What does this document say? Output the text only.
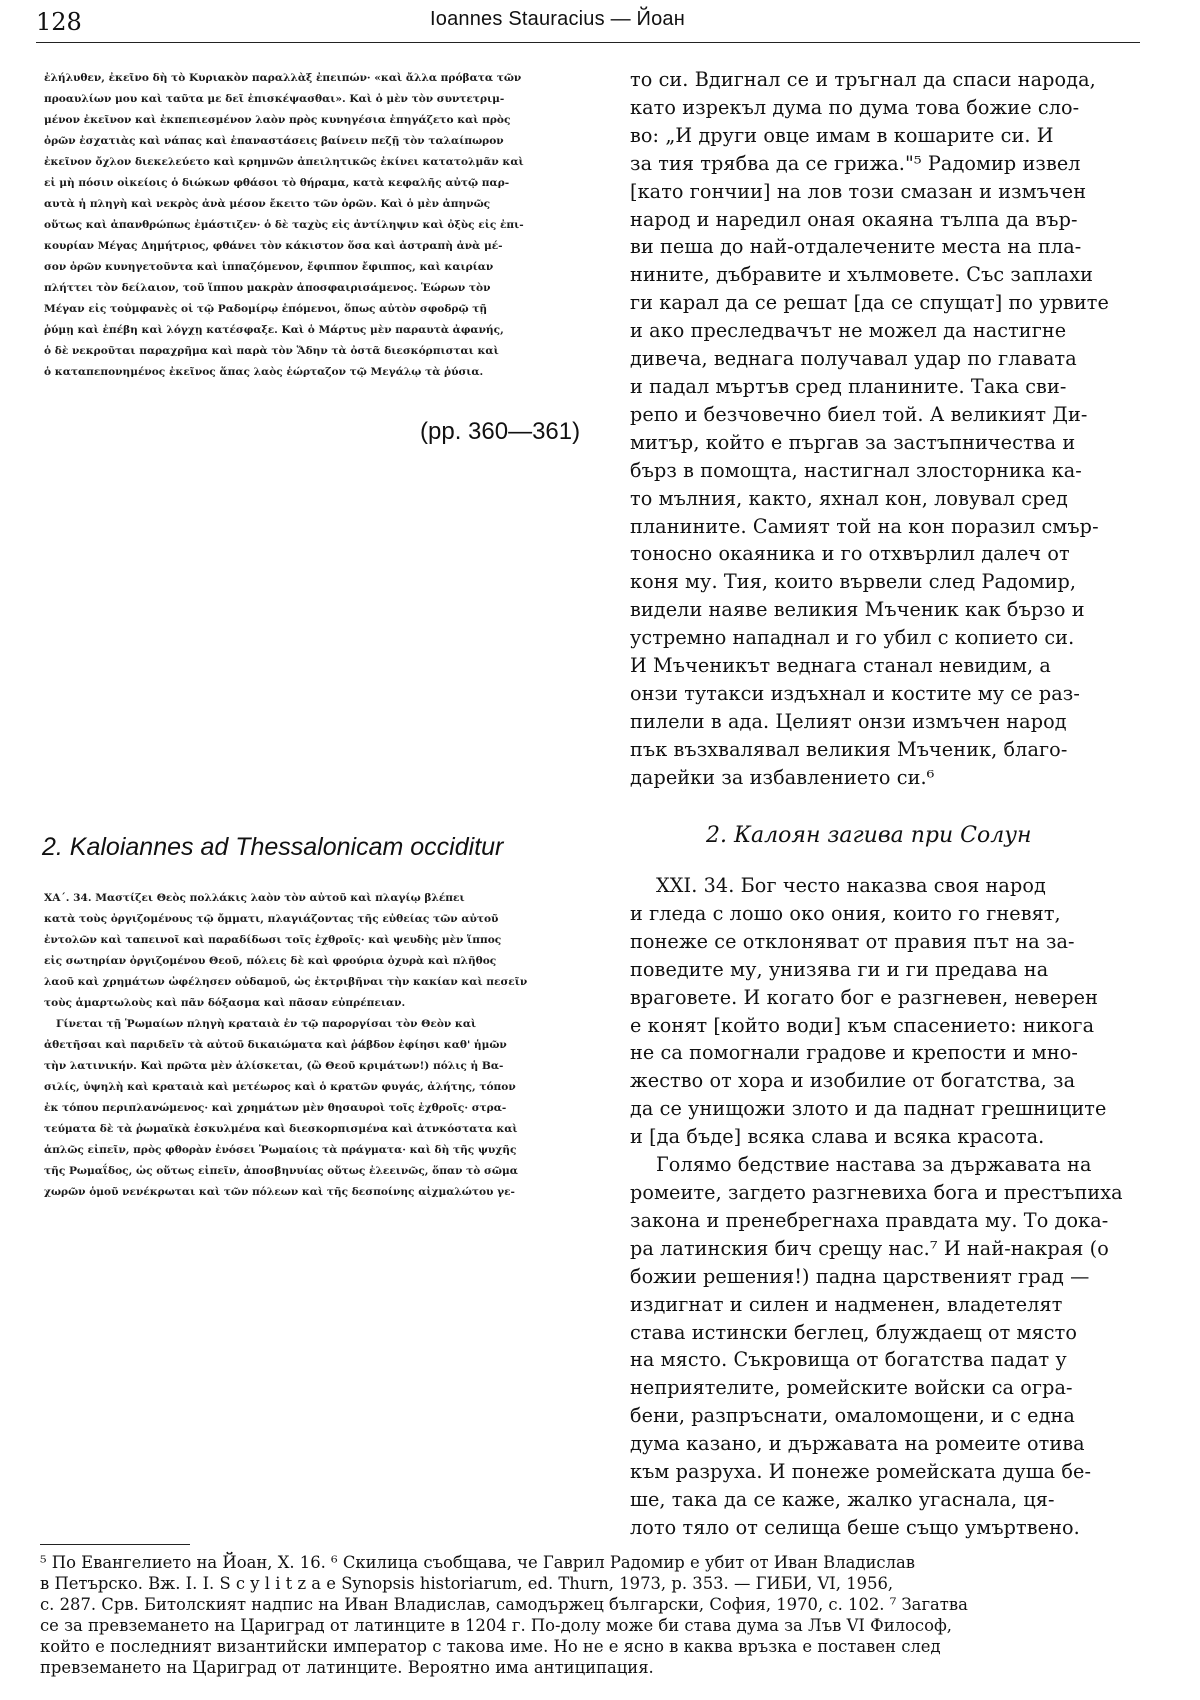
128	Ioannes Stauracius — Йоан
ἐλήλυθεν, ἐκεῖνο δὴ τὸ Κυριακὸν παραλλὰξ ἐπειπών· «καὶ ἄλλα πρόβατα τῶν
προαυλίων μου καὶ ταῦτα με δεῖ ἐπισκέψασθαι». Καὶ ὁ μὲν τὸν συντετριμ-
μένον ἐκεῖνον καὶ ἐκπεπιεσμένον λαὸν πρὸς κυνηγέσια ἐπηγάζετο καὶ πρὸς
ὀρῶν ἐσχατιὰς καὶ νάπας καὶ ἐπαναστάσεις βαίνειν πεζῇ τὸν ταλαίπωρον
ἐκεῖνον ὄχλον διεκελεύετο καὶ κρημνῶν ἀπειλητικῶς ἐκίνει κατατολμᾶν καὶ
εἰ μὴ πόσιν οἰκείοις ὁ διώκων φθάσοι τὸ θήραμα, κατὰ κεφαλῆς αὐτῷ παρ-
αυτὰ ἡ πληγὴ καὶ νεκρὸς ἀνὰ μέσον ἔκειτο τῶν ὀρῶν. Καὶ ὁ μὲν ἀπηνῶς
οὕτως καὶ ἀπανθρώπως ἐμάστιζεν· ὁ δὲ ταχὺς εἰς ἀντίληψιν καὶ ὀξὺς εἰς ἐπι-
κουρίαν Μέγας Δημήτριος, φθάνει τὸν κάκιστον ὅσα καὶ ἀστραπὴ ἀνὰ μέ-
σον ὀρῶν κυνηγετοῦντα καὶ ἱππαζόμενον, ἔφιππον ἔφιππος, καὶ καιρίαν
πλήττει τὸν δείλαιον, τοῦ ἵππου μακρὰν ἀποσφαιρισάμενος. Ἑώρων τὸν
Μέγαν εἰς τοὐμφανὲς οἱ τῷ Ραδομίρῳ ἑπόμενοι, ὅπως αὐτὸν σφοδρῷ τῇ
ῥύμῃ καὶ ἐπέβη καὶ λόγχῃ κατέσφαξε. Καὶ ὁ Μάρτυς μὲν παραυτὰ ἀφανής,
ὁ δὲ νεκροῦται παραχρῆμα καὶ παρὰ τὸν Ἅδην τὰ ὀστᾶ διεσκόρπισται καὶ
ὁ καταπεπονημένος ἐκεῖνος ἅπας λαὸς ἑώρταζον τῷ Μεγάλῳ τὰ ῥύσια.
(pp. 360—361)
то си. Вдигнал се и тръгнал да спаси народа,
като изрекъл дума по дума това божие сло-
во: „И други овце имам в кошарите си. И
за тия трябва да се грижа."⁵ Радомир извел
[като гончии] на лов този смазан и измъчен
народ и наредил оная окаяна тълпа да вър-
ви пеша до най-отдалечените места на пла-
нините, дъбравите и хълмовете. Със заплахи
ги карал да се решат [да се спущат] по урвите
и ако преследвачът не можел да настигне
дивеча, веднага получавал удар по главата
и падал мъртъв сред планините. Така сви-
репо и безчовечно биел той. А великият Ди-
митър, който е пъргав за застъпничества и
бърз в помощта, настигнал злосторника ка-
то мълния, както, яхнал кон, ловувал сред
планините. Самият той на кон поразил смър-
тоносно окаяника и го отхвърлил далеч от
коня му. Тия, които вървели след Радомир,
видели наяве великия Мъченик как бързо и
устремно нападнал и го убил с копието си.
И Мъченикът веднага станал невидим, а
онзи тутакси издъхнал и костите му се раз-
пилели в ада. Целият онзи измъчен народ
пък възхвалявал великия Мъченик, благо-
дарейки за избавлението си.⁶
2. Kaloiannes ad Thessalonicam occiditur	2. Калоян загива при Солун
ΧΑ´. 34. Μαστίζει Θεὸς πολλάκις λαὸν τὸν αὐτοῦ καὶ πλαγίῳ βλέπει
κατὰ τοὺς ὀργιζομένους τῷ ὄμματι, πλαγιάζοντας τῆς εὐθείας τῶν αὐτοῦ
ἐντολῶν καὶ ταπεινοῖ καὶ παραδίδωσι τοῖς ἐχθροῖς· καὶ ψευδὴς μὲν ἵππος
εἰς σωτηρίαν ὀργιζομένου Θεοῦ, πόλεις δὲ καὶ φρούρια ὀχυρὰ καὶ πλῆθος
λαοῦ καὶ χρημάτων ὠφέλησεν οὐδαμοῦ, ὡς ἐκτριβῆναι τὴν κακίαν καὶ πεσεῖν
τοὺς ἁμαρτωλοὺς καὶ πᾶν δόξασμα καὶ πᾶσαν εὐπρέπειαν.
Γίνεται τῇ Ῥωμαίων πληγὴ κραταιὰ ἐν τῷ παροργίσαι τὸν Θεὸν καὶ
ἀθετῆσαι καὶ παριδεῖν τὰ αὐτοῦ δικαιώματα καὶ ῥάβδον ἐφίησι καθ' ἡμῶν
τὴν λατινικήν. Καὶ πρῶτα μὲν ἁλίσκεται, (ὢ Θεοῦ κριμάτων!) πόλις ἡ Βα-
σιλίς, ὑψηλὴ καὶ κραταιὰ καὶ μετέωρος καὶ ὁ κρατῶν φυγάς, ἀλήτης, τόπον
ἐκ τόπου περιπλανώμενος· καὶ χρημάτων μὲν θησαυροὶ τοῖς ἐχθροῖς· στρα-
τεύματα δὲ τὰ ῥωμαϊκὰ ἐσκυλμένα καὶ διεσκορπισμένα καὶ ἀτνκόστατα καὶ
ἁπλῶς εἰπεῖν, πρὸς φθορὰν ἐνόσει Ῥωμαίοις τὰ πράγματα· καὶ δὴ τῆς ψυχῆς
τῆς Ρωμαΐδος, ὡς οὕτως εἰπεῖν, ἀποσβηνυίας οὕτως ἐλεεινῶς, ὅπαν τὸ σῶμα
χωρῶν ὁμοῦ νενέκρωται καὶ τῶν πόλεων καὶ τῆς δεσποίνης αἰχμαλώτου γε-
XXI. 34. Бог често наказва своя народ
и гледа с лошо око ония, които го гневят,
понеже се отклоняват от правия път на за-
поведите му, унизява ги и ги предава на
враговете. И когато бог е разгневен, неверен
е конят [който води] към спасението: никога
не са помогнали градове и крепости и мно-
жество от хора и изобилие от богатства, за
да се унищожи злото и да паднат грешниците
и [да бъде] всяка слава и всяка красота.
Голямо бедствие настава за държавата на
ромеите, загдето разгневиха бога и престъпиха
закона и пренебрегнаха правдата му. То дока-
ра латинския бич срещу нас.⁷ И най-накрая (о
божии решения!) падна царственият град —
издигнат и силен и надменен, владетелят
става истински беглец, блуждаещ от място
на място. Съкровища от богатства падат у
неприятелите, ромейските войски са огра-
бени, разпръснати, омаломощени, и с една
дума казано, и държавата на ромеите отива
към разруха. И понеже ромейската душа бе-
ше, така да се каже, жалко угаснала, ця-
лото тяло от селища беше също умъртвено.
⁵ По Евангелието на Йоан, Х. 16. ⁶ Скилица съобщава, че Гаврил Радомир е убит от Иван Владислав
в Петърско. Вж. I. I. S c y l i t z a e Synopsis historiarum, ed. Thurn, 1973, p. 353. — ГИБИ, VI, 1956,
с. 287. Срв. Битолският надпис на Иван Владислав, самодържец български, София, 1970, с. 102. ⁷ Загатва
се за превземането на Цариград от латинците в 1204 г. По-долу може би става дума за Лъв VI Философ,
който е последният византийски император с такова име. Но не е ясно в каква връзка е поставен след
превземането на Цариград от латинците. Вероятно има антиципация.
